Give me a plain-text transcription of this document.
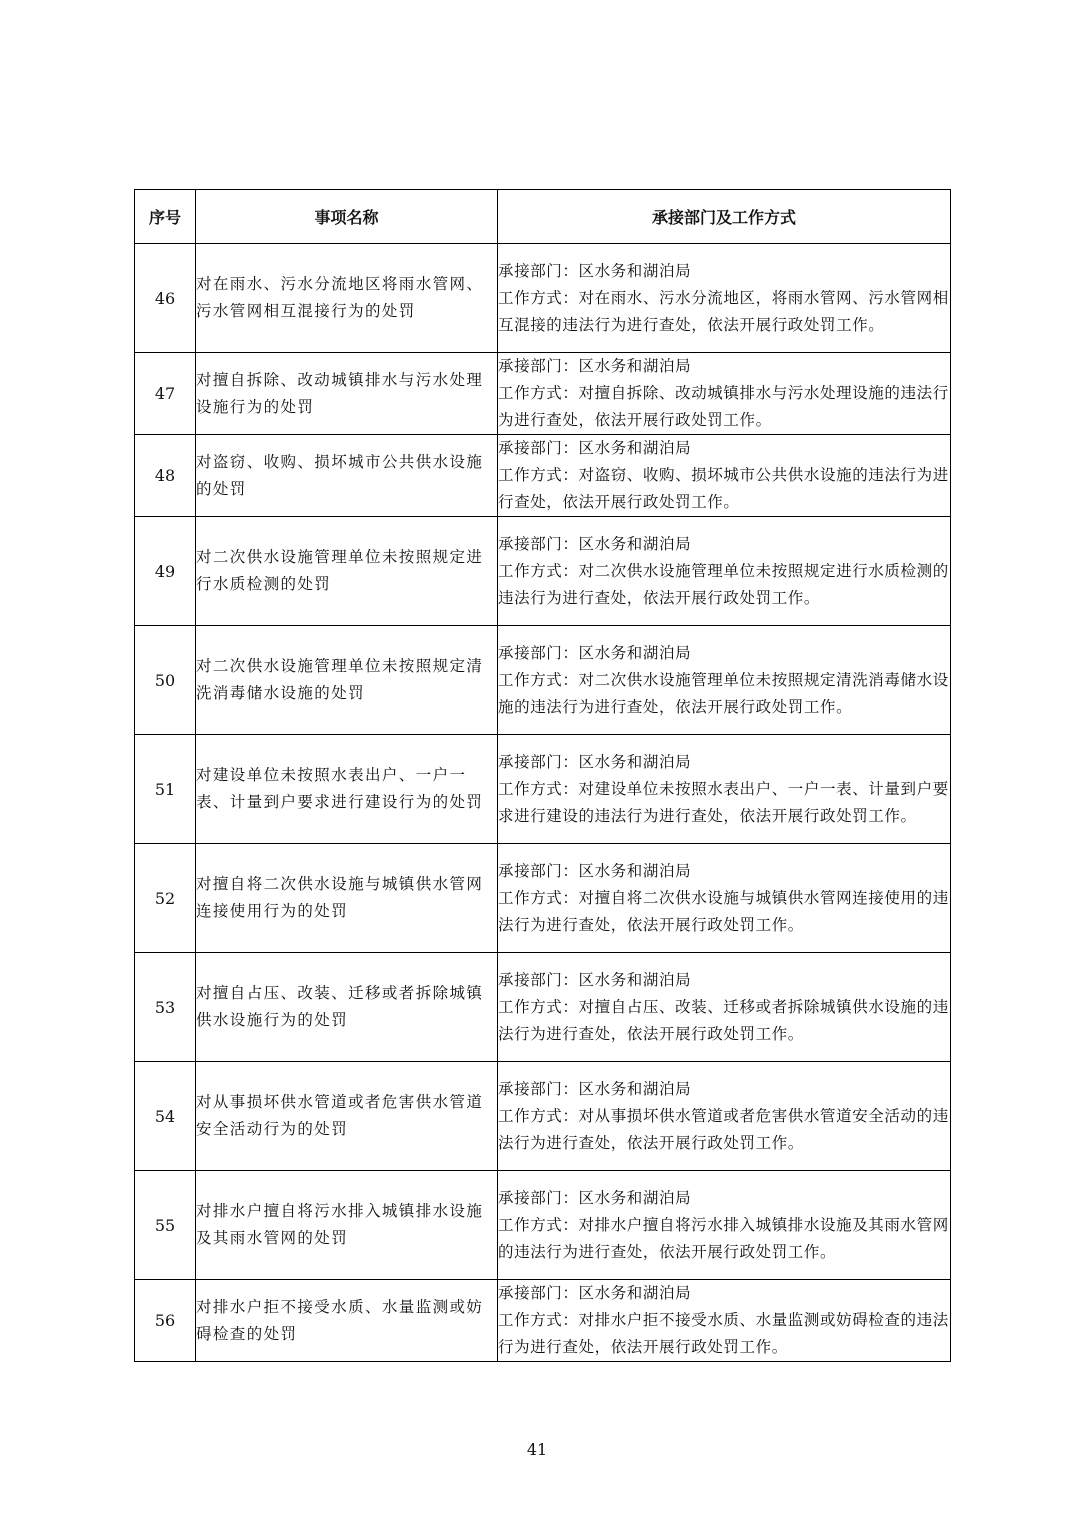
序号	事项名称	承接部门及工作方式
46	对在雨水、污水分流地区将雨水管网、污水管网相互混接行为的处罚	承接部门：区水务和湖泊局
工作方式：对在雨水、污水分流地区，将雨水管网、污水管网相互混接的违法行为进行查处，依法开展行政处罚工作。

47	对擅自拆除、改动城镇排水与污水处理设施行为的处罚	承接部门：区水务和湖泊局
工作方式：对擅自拆除、改动城镇排水与污水处理设施的违法行为进行查处，依法开展行政处罚工作。

48	对盗窃、收购、损坏城市公共供水设施的处罚	承接部门：区水务和湖泊局
工作方式：对盗窃、收购、损坏城市公共供水设施的违法行为进行查处，依法开展行政处罚工作。

49	对二次供水设施管理单位未按照规定进行水质检测的处罚	承接部门：区水务和湖泊局
工作方式：对二次供水设施管理单位未按照规定进行水质检测的违法行为进行查处，依法开展行政处罚工作。

50	对二次供水设施管理单位未按照规定清洗消毒储水设施的处罚	承接部门：区水务和湖泊局
工作方式：对二次供水设施管理单位未按照规定清洗消毒储水设施的违法行为进行查处，依法开展行政处罚工作。

51	对建设单位未按照水表出户、一户一表、计量到户要求进行建设行为的处罚	承接部门：区水务和湖泊局
工作方式：对建设单位未按照水表出户、一户一表、计量到户要求进行建设的违法行为进行查处，依法开展行政处罚工作。

52	对擅自将二次供水设施与城镇供水管网连接使用行为的处罚	承接部门：区水务和湖泊局
工作方式：对擅自将二次供水设施与城镇供水管网连接使用的违法行为进行查处，依法开展行政处罚工作。

53	对擅自占压、改装、迁移或者拆除城镇供水设施行为的处罚	承接部门：区水务和湖泊局
工作方式：对擅自占压、改装、迁移或者拆除城镇供水设施的违法行为进行查处，依法开展行政处罚工作。

54	对从事损坏供水管道或者危害供水管道安全活动行为的处罚	承接部门：区水务和湖泊局
工作方式：对从事损坏供水管道或者危害供水管道安全活动的违法行为进行查处，依法开展行政处罚工作。

55	对排水户擅自将污水排入城镇排水设施及其雨水管网的处罚	承接部门：区水务和湖泊局
工作方式：对排水户擅自将污水排入城镇排水设施及其雨水管网的违法行为进行查处，依法开展行政处罚工作。

56	对排水户拒不接受水质、水量监测或妨碍检查的处罚	承接部门：区水务和湖泊局
工作方式：对排水户拒不接受水质、水量监测或妨碍检查的违法行为进行查处，依法开展行政处罚工作。
41
